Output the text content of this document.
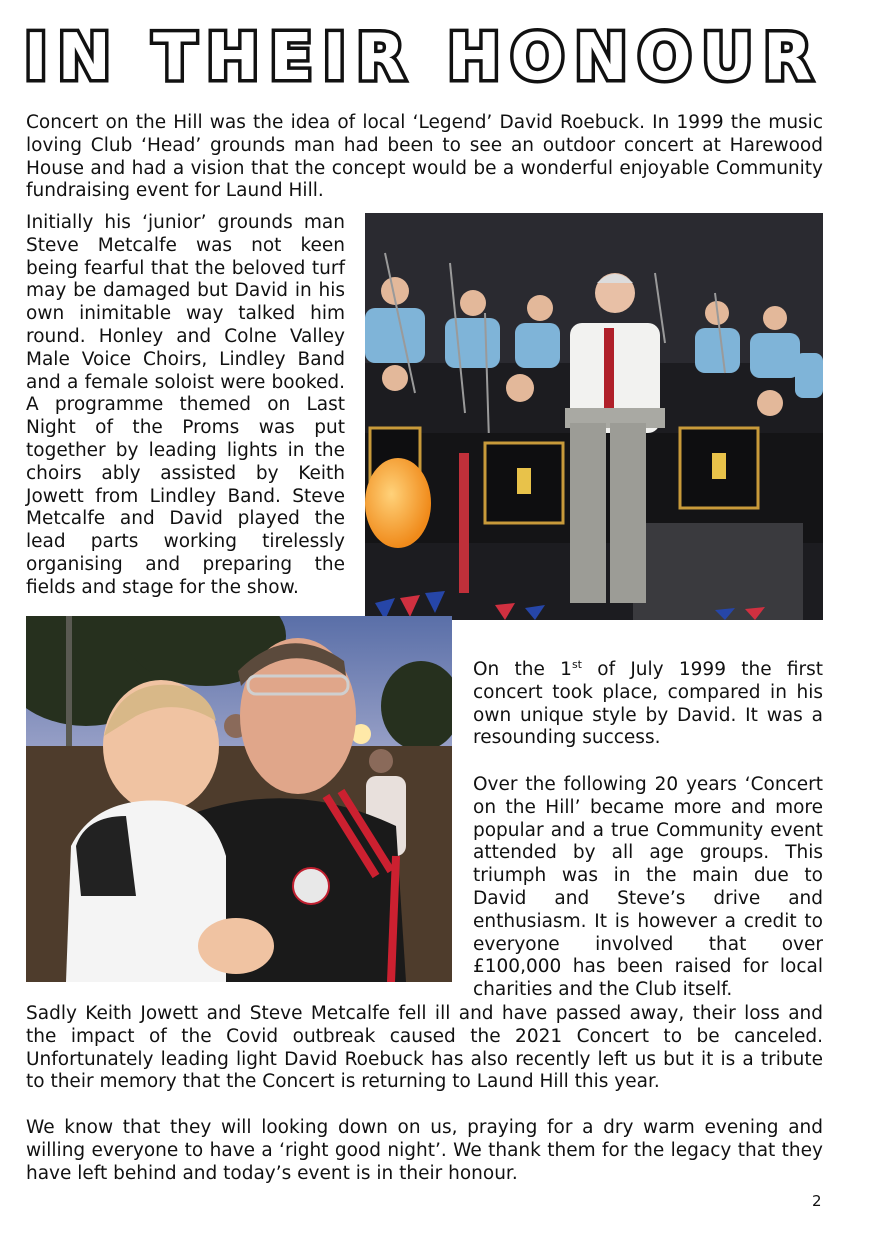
IN THEIR HONOUR

Concert on the Hill was the idea of local ‘Legend’ David Roebuck. In 1999 the music loving Club ‘Head’ grounds man had been to see an outdoor concert at Harewood House and had a vision that the concept would be a wonderful enjoyable Community fundraising event for Laund Hill.

Initially his ‘junior’ grounds man Steve Metcalfe was not keen being fearful that the beloved turf may be damaged but David in his own inimitable way talked him round. Honley and Colne Valley Male Voice Choirs, Lindley Band and a female soloist were booked. A programme themed on Last Night of the Proms was put together by leading lights in the choirs ably assisted by Keith Jowett from Lindley Band. Steve Metcalfe and David played the lead parts working tirelessly organising and preparing the fields and stage for the show.

On the 1st of July 1999 the first concert took place, compared in his own unique style by David. It was a resounding success.

Over the following 20 years ‘Concert on the Hill’ became more and more popular and a true Community event attended by all age groups. This triumph was in the main due to David and Steve’s drive and enthusiasm. It is however a credit to everyone involved that over £100,000 has been raised for local charities and the Club itself.

Sadly Keith Jowett and Steve Metcalfe fell ill and have passed away, their loss and the impact of the Covid outbreak caused the 2021 Concert to be canceled. Unfortunately leading light David Roebuck has also recently left us but it is a tribute to their memory that the Concert is returning to Laund Hill this year.

We know that they will looking down on us, praying for a dry warm evening and willing everyone to have a ‘right good night’. We thank them for the legacy that they have left behind and today’s event is in their honour.

2
